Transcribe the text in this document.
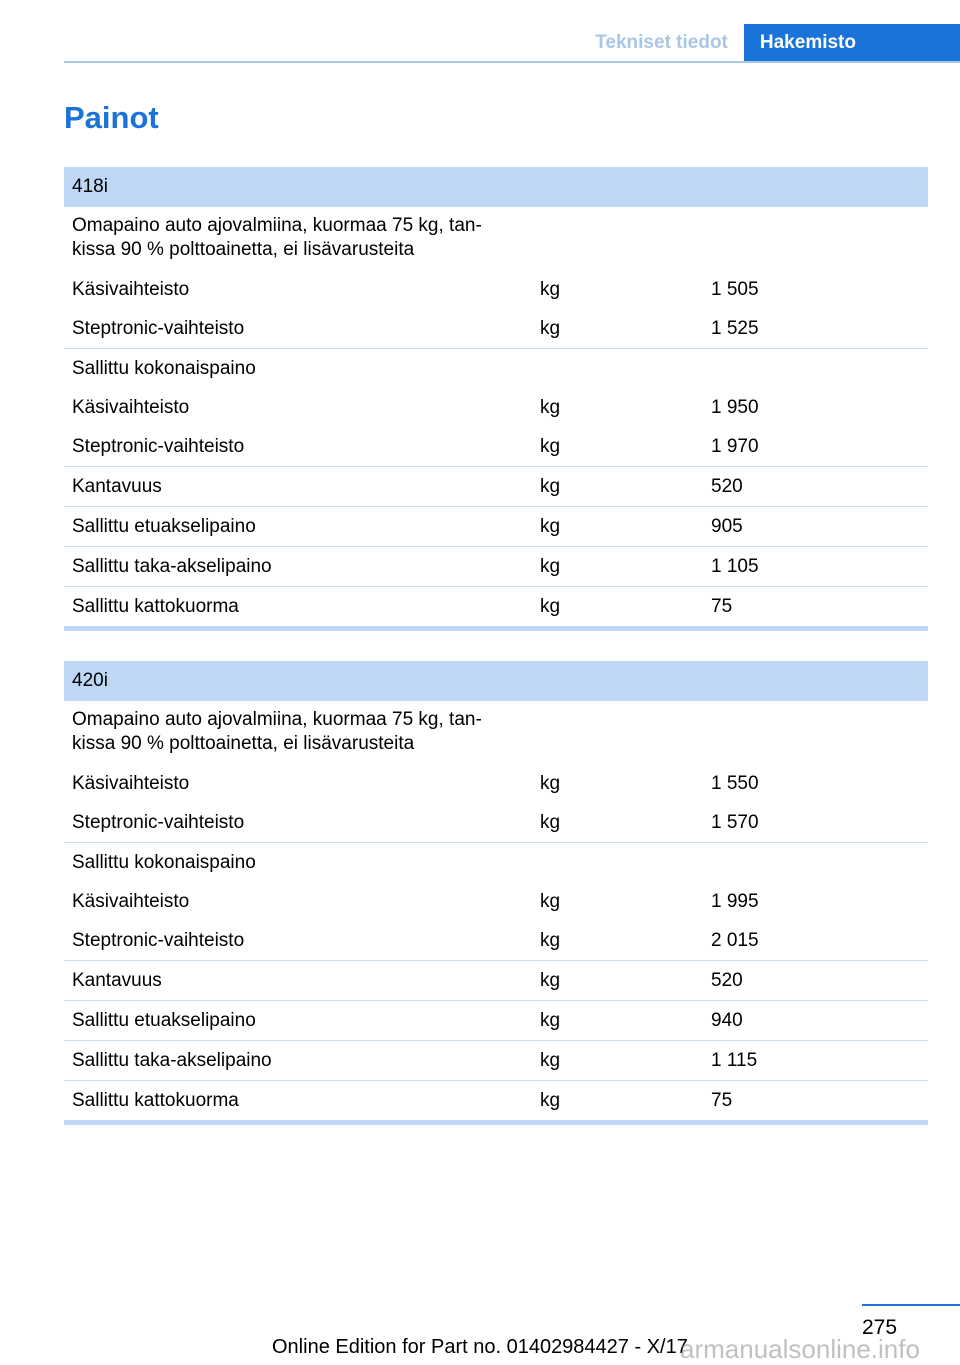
Tekniset tiedot	Hakemisto
Painot
418i
Omapaino auto ajovalmiina, kuormaa 75 kg, tan-
kissa 90 % polttoainetta, ei lisävarusteita
Käsivaihteisto	kg	1 505
Steptronic-vaihteisto	kg	1 525
Sallittu kokonaispaino
Käsivaihteisto	kg	1 950
Steptronic-vaihteisto	kg	1 970
Kantavuus	kg	520
Sallittu etuakselipaino	kg	905
Sallittu taka-akselipaino	kg	1 105
Sallittu kattokuorma	kg	75
420i
Omapaino auto ajovalmiina, kuormaa 75 kg, tan-
kissa 90 % polttoainetta, ei lisävarusteita
Käsivaihteisto	kg	1 550
Steptronic-vaihteisto	kg	1 570
Sallittu kokonaispaino
Käsivaihteisto	kg	1 995
Steptronic-vaihteisto	kg	2 015
Kantavuus	kg	520
Sallittu etuakselipaino	kg	940
Sallittu taka-akselipaino	kg	1 115
Sallittu kattokuorma	kg	75
275
Online Edition for Part no. 01402984427 - X/17
armanualsonline.info
